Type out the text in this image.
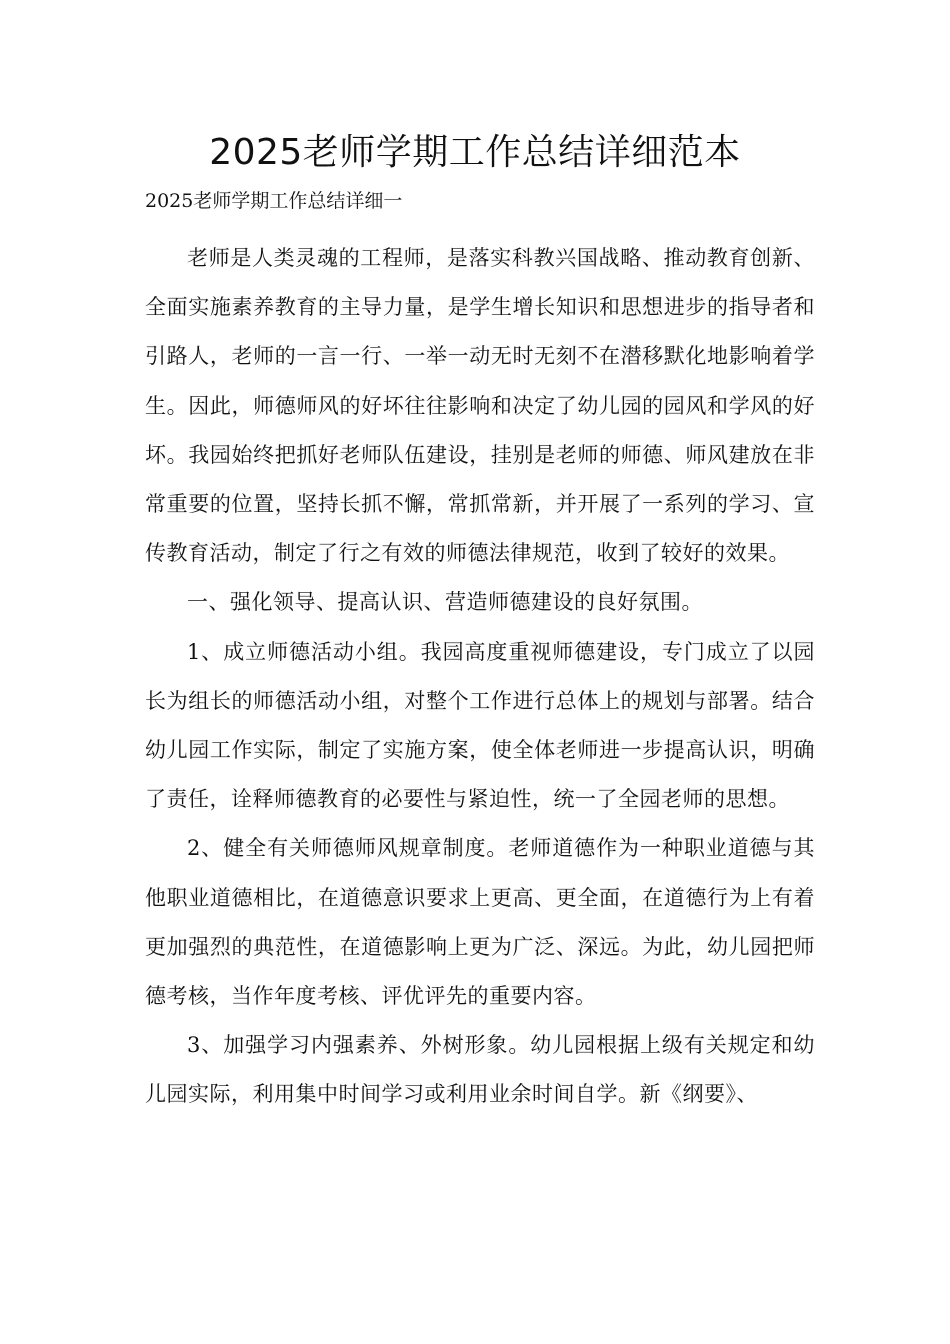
2025老师学期工作总结详细范本

2025老师学期工作总结详细一

老师是人类灵魂的工程师，是落实科教兴国战略、推动教育创新、全面实施素养教育的主导力量，是学生增长知识和思想进步的指导者和引路人，老师的一言一行、一举一动无时无刻不在潜移默化地影响着学生。因此，师德师风的好坏往往影响和决定了幼儿园的园风和学风的好坏。我园始终把抓好老师队伍建设，挂别是老师的师德、师风建放在非常重要的位置，坚持长抓不懈，常抓常新，并开展了一系列的学习、宣传教育活动，制定了行之有效的师德法律规范，收到了较好的效果。

一、强化领导、提高认识、营造师德建设的良好氛围。

1、成立师德活动小组。我园高度重视师德建设，专门成立了以园长为组长的师德活动小组，对整个工作进行总体上的规划与部署。结合幼儿园工作实际，制定了实施方案，使全体老师进一步提高认识，明确了责任，诠释师德教育的必要性与紧迫性，统一了全园老师的思想。

2、健全有关师德师风规章制度。老师道德作为一种职业道德与其他职业道德相比，在道德意识要求上更高、更全面，在道德行为上有着更加强烈的典范性，在道德影响上更为广泛、深远。为此，幼儿园把师德考核，当作年度考核、评优评先的重要内容。

3、加强学习内强素养、外树形象。幼儿园根据上级有关规定和幼儿园实际，利用集中时间学习或利用业余时间自学。新《纲要》、
